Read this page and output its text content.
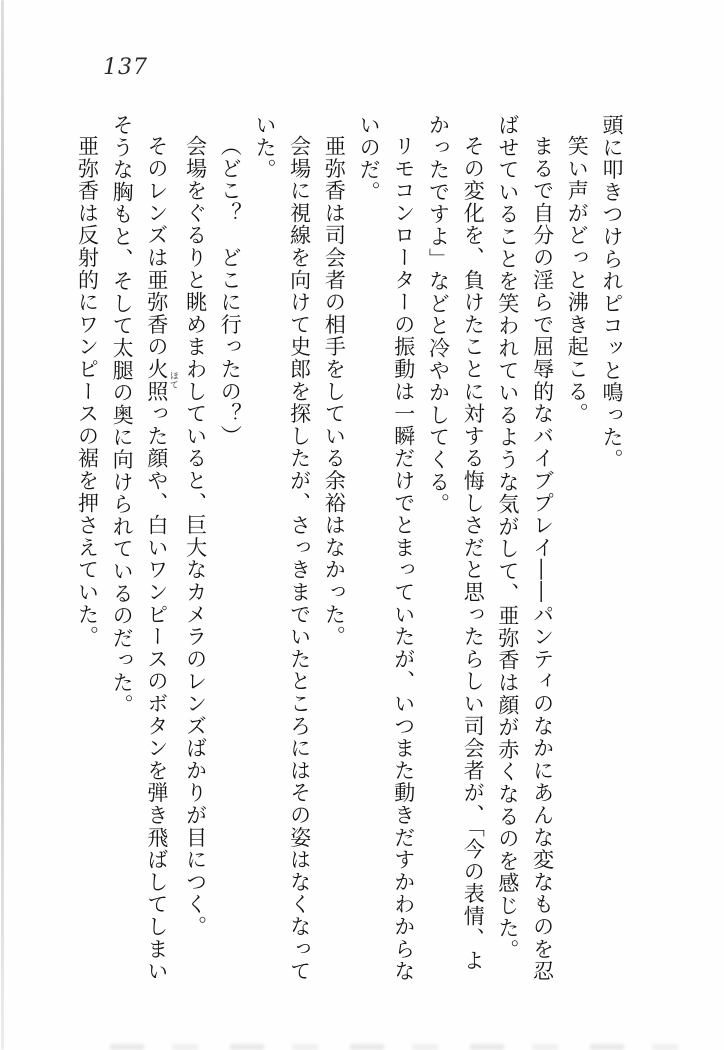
137

頭に叩きつけられピコッと鳴った。

笑い声がどっと沸き起こる。

まるで自分の淫らで屈辱的なバイブプレイ――パンティのなかにあんな変なものを忍ばせていることを笑われているような気がして、亜弥香は顔が赤くなるのを感じた。

その変化を、負けたことに対する悔しさだと思ったらしい司会者が、「今の表情、よかったですよ」などと冷やかしてくる。

リモコンローターの振動は一瞬だけでとまっていたが、いつまた動きだすかわからないのだ。

亜弥香は司会者の相手をしている余裕はなかった。

会場に視線を向けて史郎を探したが、さっきまでいたところにはその姿はなくなっていた。

（どこ？　どこに行ったの？）

会場をぐるりと眺めまわしていると、巨大なカメラのレンズばかりが目につく。

そのレンズは亜弥香の火照 ほてった顔や、白いワンピースのボタンを弾き飛ばしてしまいそうな胸もと、そして太腿の奥に向けられているのだった。

亜弥香は反射的にワンピースの裾を押さえていた。
